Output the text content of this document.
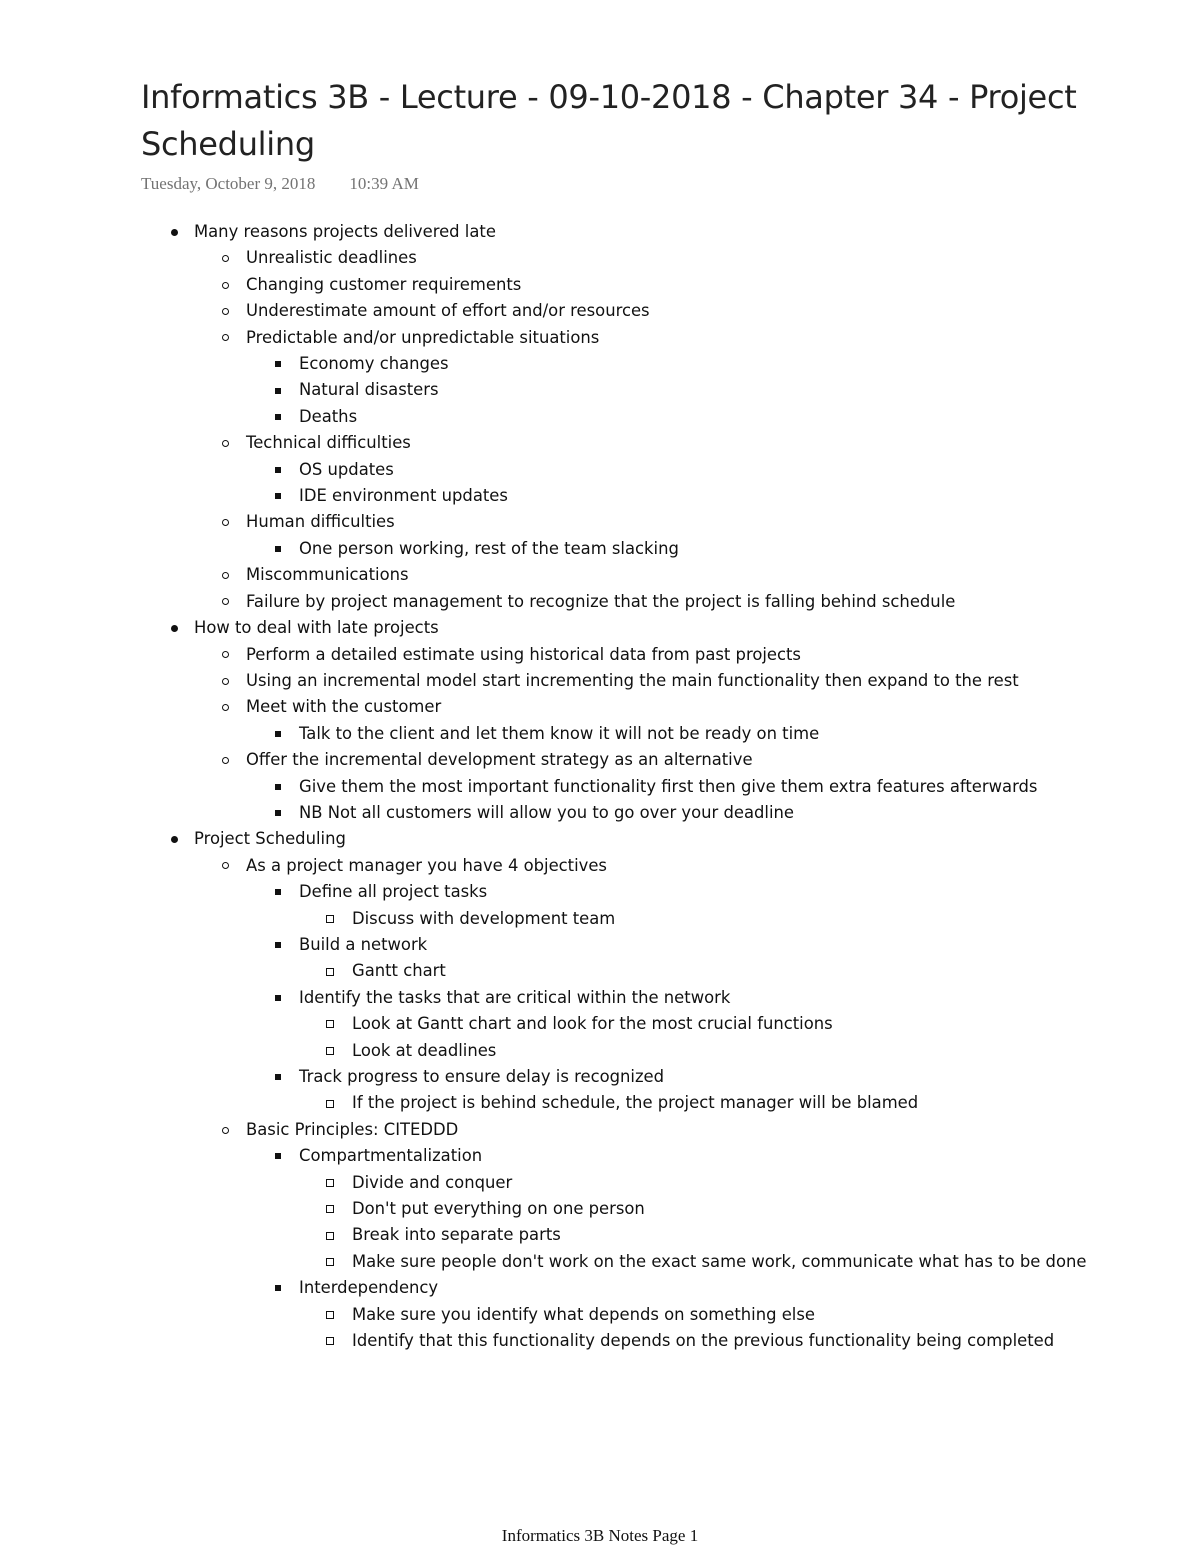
Informatics 3B - Lecture - 09-10-2018 - Chapter 34 - Project Scheduling
Tuesday, October 9, 2018 10:39 AM
Many reasons projects delivered late
Unrealistic deadlines
Changing customer requirements
Underestimate amount of effort and/or resources
Predictable and/or unpredictable situations
Economy changes
Natural disasters
Deaths
Technical difficulties
OS updates
IDE environment updates
Human difficulties
One person working, rest of the team slacking
Miscommunications
Failure by project management to recognize that the project is falling behind schedule
How to deal with late projects
Perform a detailed estimate using historical data from past projects
Using an incremental model start incrementing the main functionality then expand to the rest
Meet with the customer
Talk to the client and let them know it will not be ready on time
Offer the incremental development strategy as an alternative
Give them the most important functionality first then give them extra features afterwards
NB Not all customers will allow you to go over your deadline
Project Scheduling
As a project manager you have 4 objectives
Define all project tasks
Discuss with development team
Build a network
Gantt chart
Identify the tasks that are critical within the network
Look at Gantt chart and look for the most crucial functions
Look at deadlines
Track progress to ensure delay is recognized
If the project is behind schedule, the project manager will be blamed
Basic Principles: CITEDDD
Compartmentalization
Divide and conquer
Don't put everything on one person
Break into separate parts
Make sure people don't work on the exact same work, communicate what has to be done
Interdependency
Make sure you identify what depends on something else
Identify that this functionality depends on the previous functionality being completed
Informatics 3B Notes Page 1
